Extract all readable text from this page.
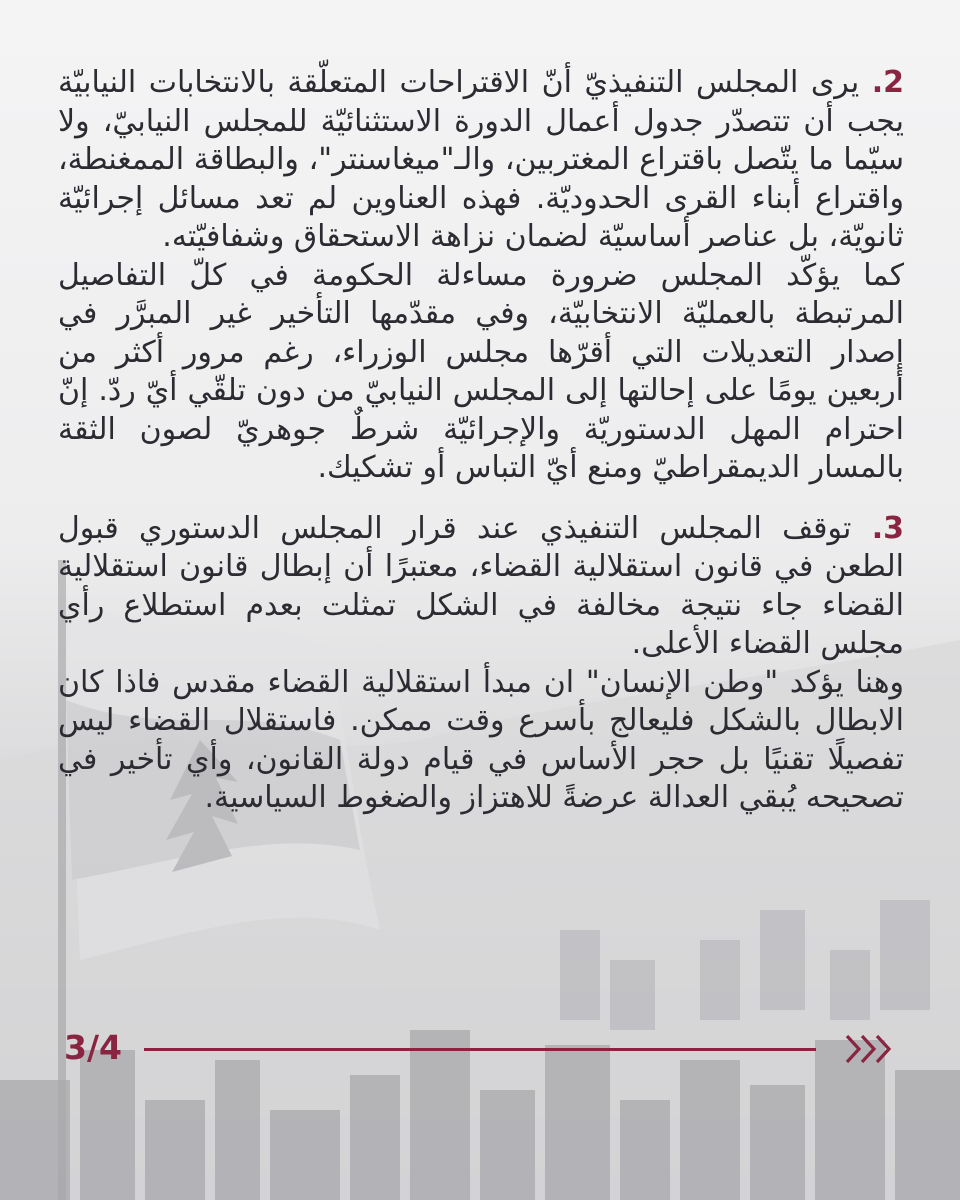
2. يرى المجلس التنفيذيّ أنّ الاقتراحات المتعلّقة بالانتخابات النيابيّة يجب أن تتصدّر جدول أعمال الدورة الاستثنائيّة للمجلس النيابيّ، ولا سيّما ما يتّصل باقتراع المغتربين، والـ"ميغاسنتر"، والبطاقة الممغنطة، واقتراع أبناء القرى الحدوديّة. فهذه العناوين لم تعد مسائل إجرائيّة ثانويّة، بل عناصر أساسيّة لضمان نزاهة الاستحقاق وشفافيّته.

كما يؤكّد المجلس ضرورة مساءلة الحكومة في كلّ التفاصيل المرتبطة بالعمليّة الانتخابيّة، وفي مقدّمها التأخير غير المبرَّر في إصدار التعديلات التي أقرّها مجلس الوزراء، رغم مرور أكثر من أربعين يومًا على إحالتها إلى المجلس النيابيّ من دون تلقّي أيّ ردّ. إنّ احترام المهل الدستوريّة والإجرائيّة شرطٌ جوهريّ لصون الثقة بالمسار الديمقراطيّ ومنع أيّ التباس أو تشكيك.

3. توقف المجلس التنفيذي عند قرار المجلس الدستوري قبول الطعن في قانون استقلالية القضاء، معتبرًا أن إبطال قانون استقلالية القضاء جاء نتيجة مخالفة في الشكل تمثلت بعدم استطلاع رأي مجلس القضاء الأعلى.

وهنا يؤكد "وطن الإنسان" ان مبدأ استقلالية القضاء مقدس فاذا كان الابطال بالشكل فليعالج بأسرع وقت ممكن. فاستقلال القضاء ليس تفصيلًا تقنيًا بل حجر الأساس في قيام دولة القانون، وأي تأخير في تصحيحه يُبقي العدالة عرضةً للاهتزاز والضغوط السياسية.

3/4
